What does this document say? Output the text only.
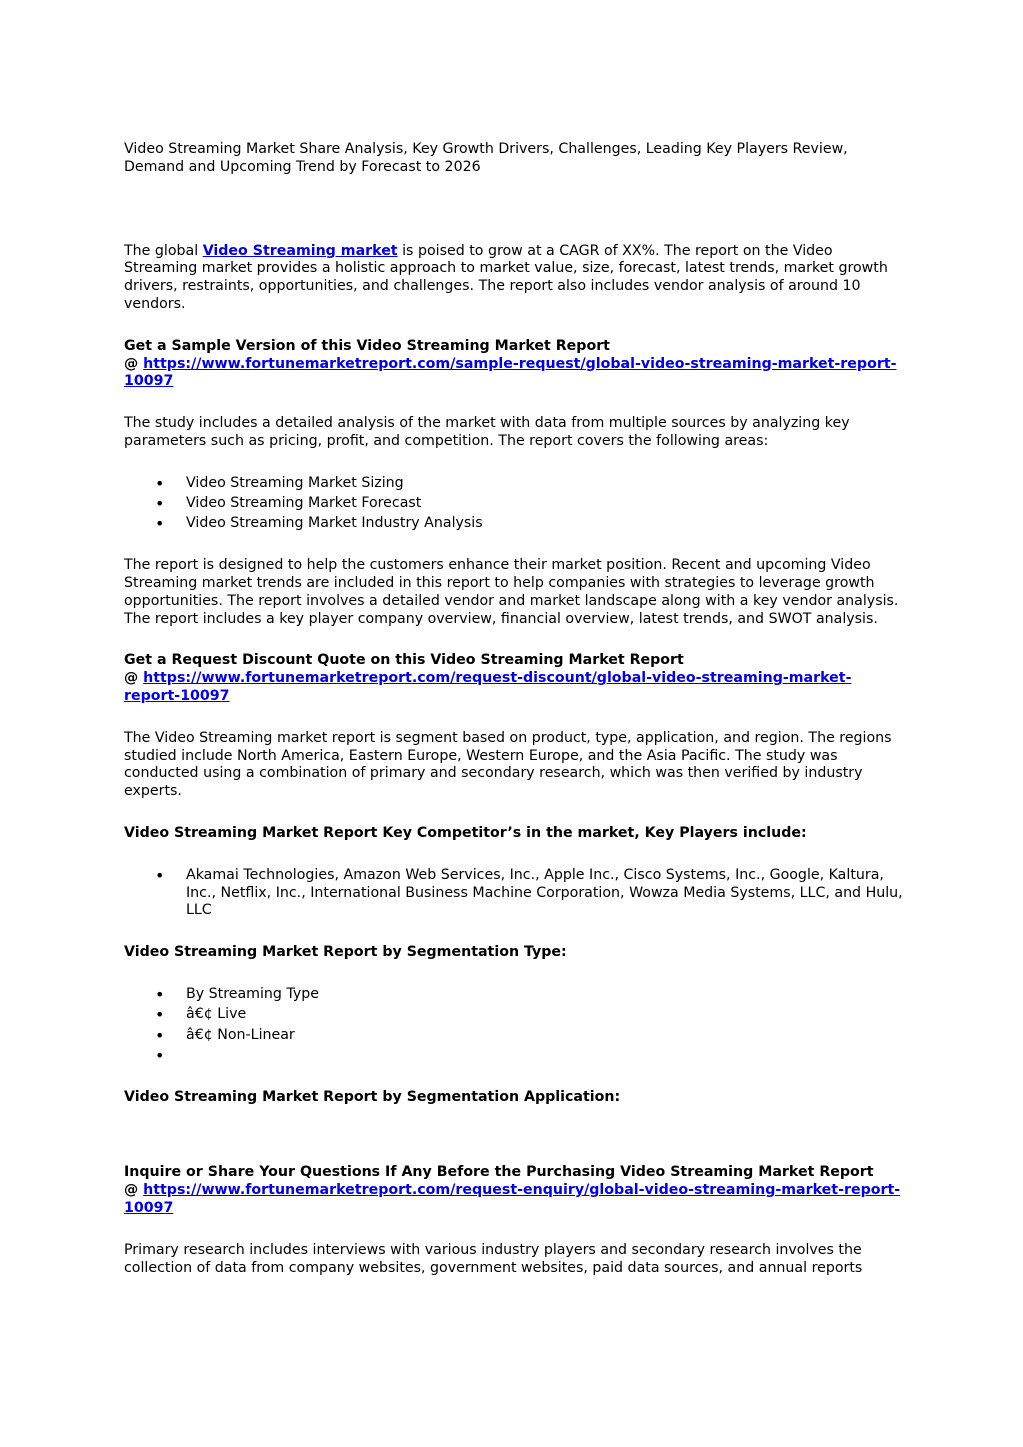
Video Streaming Market Share Analysis, Key Growth Drivers, Challenges, Leading Key Players Review, Demand and Upcoming Trend by Forecast to 2026

The global Video Streaming market is poised to grow at a CAGR of XX%. The report on the Video Streaming market provides a holistic approach to market value, size, forecast, latest trends, market growth drivers, restraints, opportunities, and challenges. The report also includes vendor analysis of around 10 vendors.

Get a Sample Version of this Video Streaming Market Report

@ https://www.fortunemarketreport.com/sample-request/global-video-streaming-market-report-10097

The study includes a detailed analysis of the market with data from multiple sources by analyzing key parameters such as pricing, profit, and competition. The report covers the following areas:

• Video Streaming Market Sizing
• Video Streaming Market Forecast
• Video Streaming Market Industry Analysis

The report is designed to help the customers enhance their market position. Recent and upcoming Video Streaming market trends are included in this report to help companies with strategies to leverage growth opportunities. The report involves a detailed vendor and market landscape along with a key vendor analysis. The report includes a key player company overview, financial overview, latest trends, and SWOT analysis.

Get a Request Discount Quote on this Video Streaming Market Report

@ https://www.fortunemarketreport.com/request-discount/global-video-streaming-market-report-10097

The Video Streaming market report is segment based on product, type, application, and region. The regions studied include North America, Eastern Europe, Western Europe, and the Asia Pacific. The study was conducted using a combination of primary and secondary research, which was then verified by industry experts.

Video Streaming Market Report Key Competitor’s in the market, Key Players include:

• Akamai Technologies, Amazon Web Services, Inc., Apple Inc., Cisco Systems, Inc., Google, Kaltura, Inc., Netflix, Inc., International Business Machine Corporation, Wowza Media Systems, LLC, and Hulu, LLC

Video Streaming Market Report by Segmentation Type:

• By Streaming Type
• â€¢ Live
• â€¢ Non-Linear
•

Video Streaming Market Report by Segmentation Application:

Inquire or Share Your Questions If Any Before the Purchasing Video Streaming Market Report

@ https://www.fortunemarketreport.com/request-enquiry/global-video-streaming-market-report-10097

Primary research includes interviews with various industry players and secondary research involves the collection of data from company websites, government websites, paid data sources, and annual reports
